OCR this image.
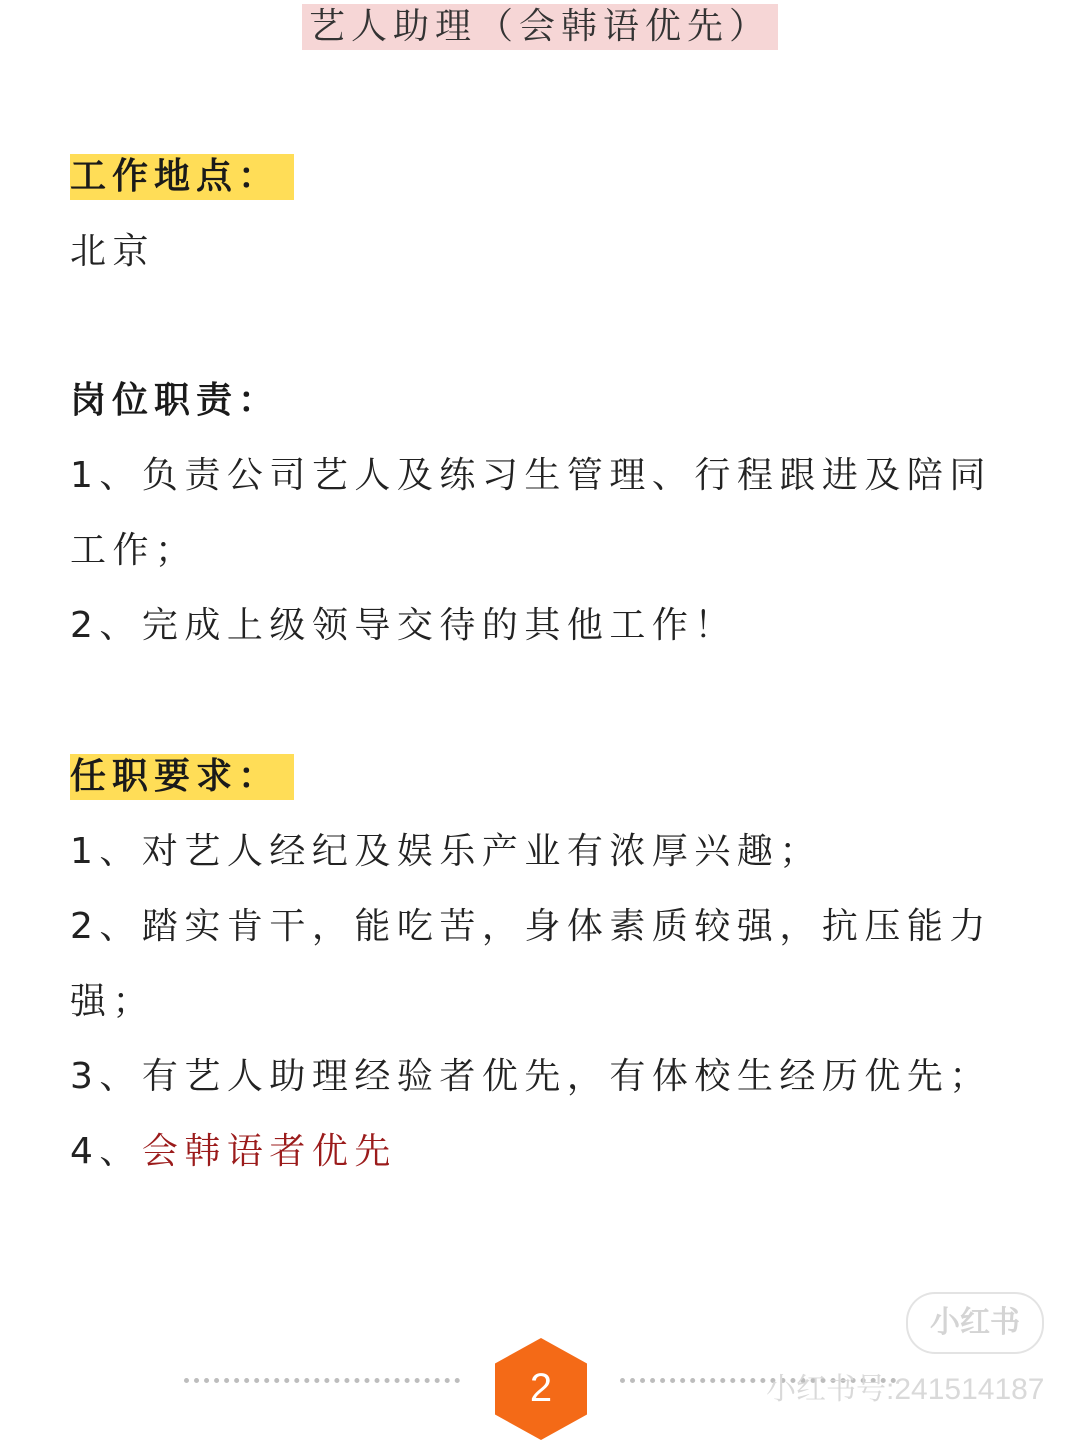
艺人助理（会韩语优先）
工作地点：
北京
岗位职责：
1、负责公司艺人及练习生管理、行程跟进及陪同
工作；
2、完成上级领导交待的其他工作！
任职要求：
1、对艺人经纪及娱乐产业有浓厚兴趣；
2、踏实肯干，能吃苦，身体素质较强，抗压能力
强；
3、有艺人助理经验者优先，有体校生经历优先；
4、会韩语者优先
2
小红书
小红书号:241514187
